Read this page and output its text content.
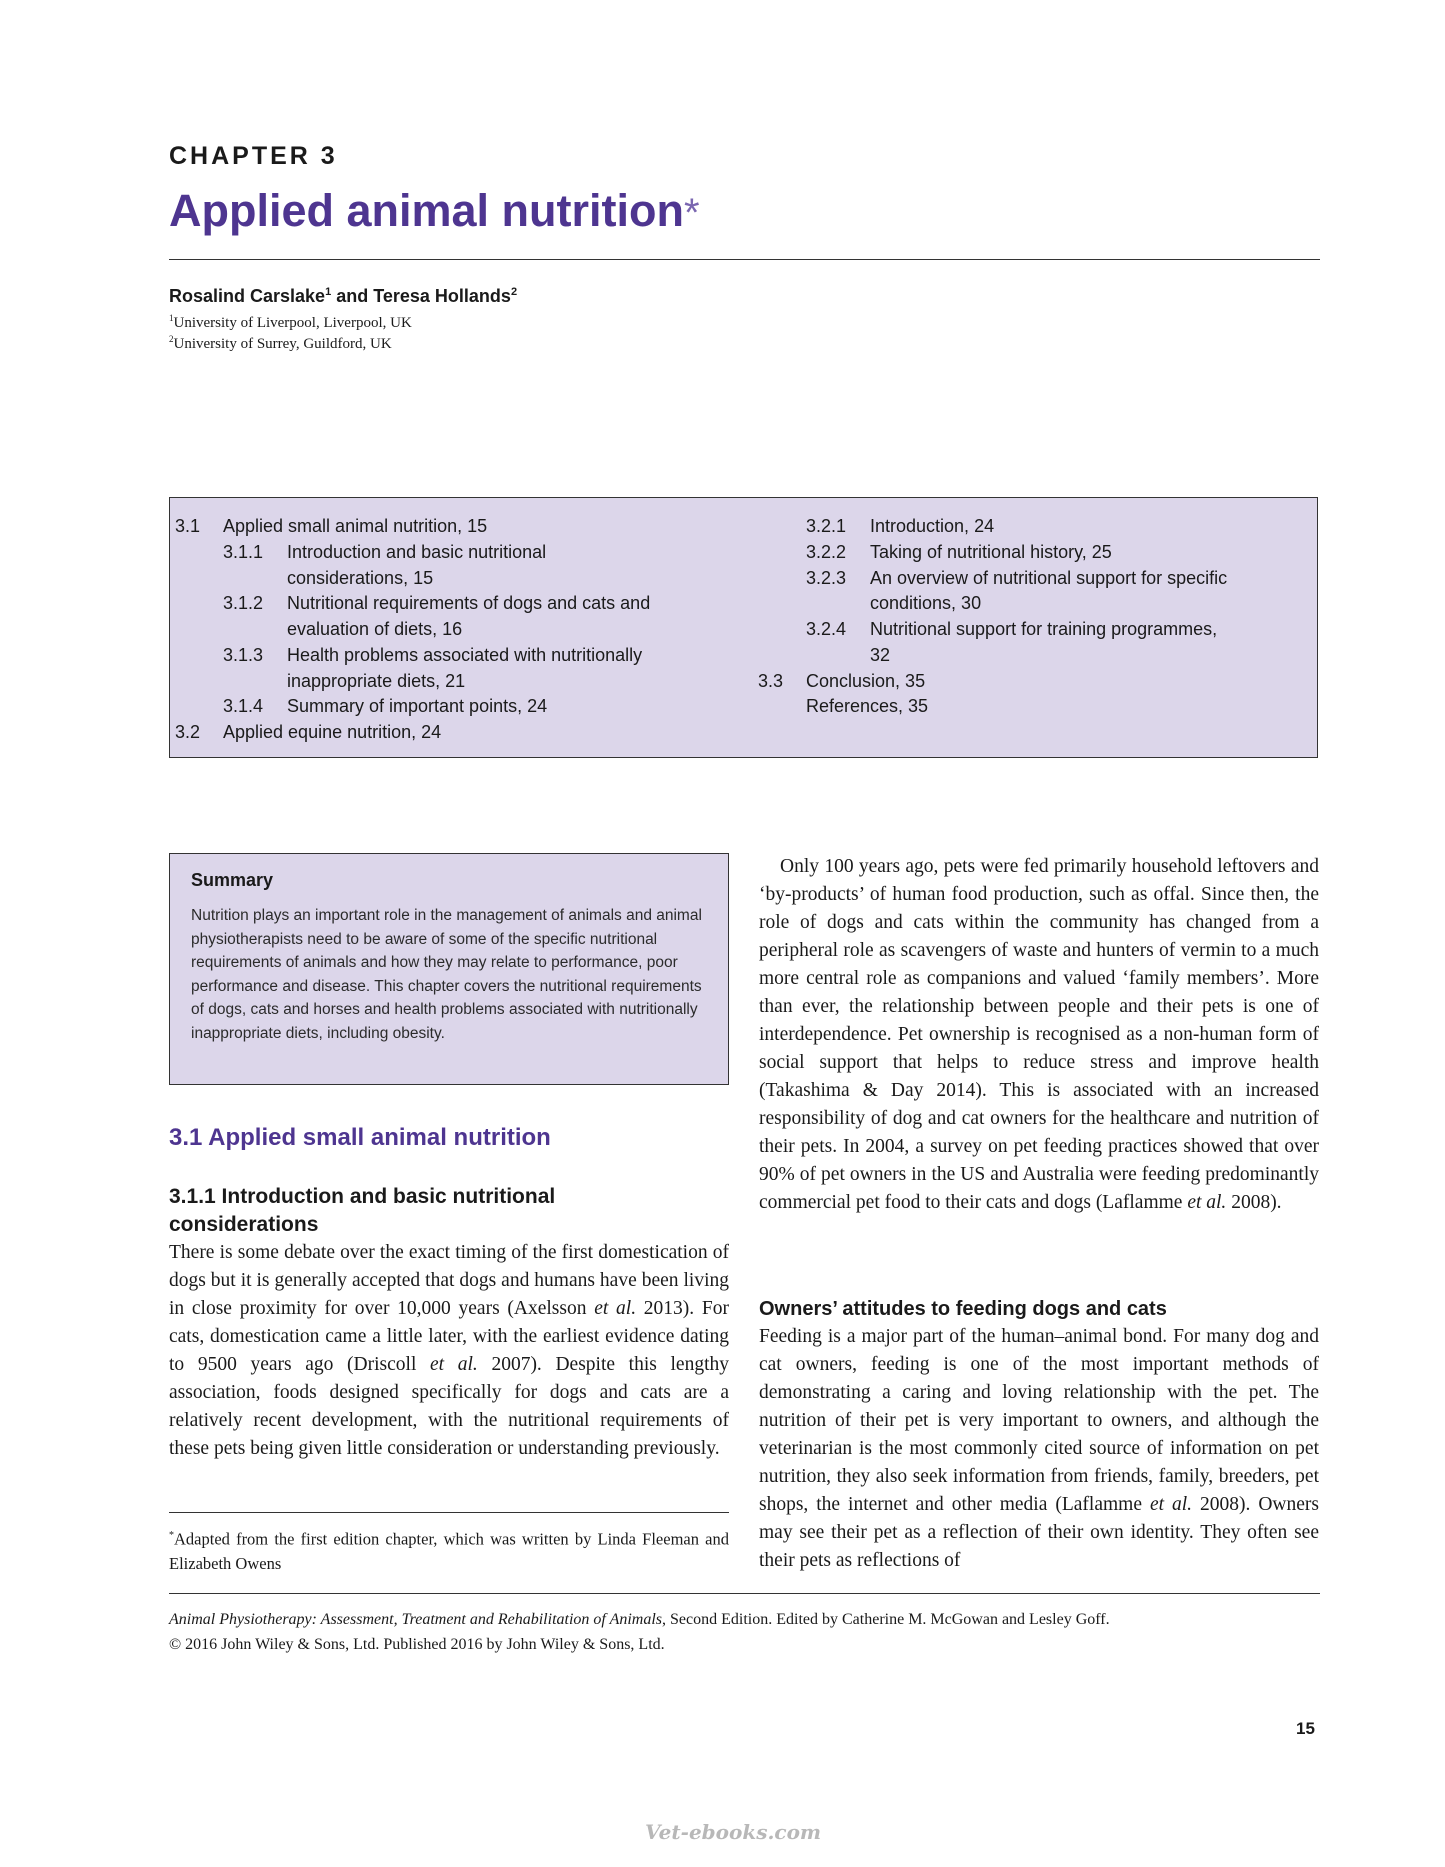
CHAPTER 3
Applied animal nutrition*
Rosalind Carslake$^1$ and Teresa Hollands$^2$
$^1$University of Liverpool, Liverpool, UK
$^2$University of Surrey, Guildford, UK
3.1 Applied small animal nutrition, 15
3.1.1 Introduction and basic nutritional
considerations, 15
3.1.2 Nutritional requirements of dogs and cats and
evaluation of diets, 16
3.1.3 Health problems associated with nutritionally
inappropriate diets, 21
3.1.4 Summary of important points, 24
3.2 Applied equine nutrition, 24
3.2.1 Introduction, 24
3.2.2 Taking of nutritional history, 25
3.2.3 An overview of nutritional support for specific
conditions, 30
3.2.4 Nutritional support for training programmes,
32
3.3 Conclusion, 35
References, 35
Summary
Nutrition plays an important role in the management of animals and animal physiotherapists need to be aware of some of the specific nutritional requirements of animals and how they may relate to performance, poor performance and disease. This chapter covers the nutritional requirements of dogs, cats and horses and health problems associated with nutritionally inappropriate diets, including obesity.
3.1 Applied small animal nutrition
3.1.1 Introduction and basic nutritional considerations
There is some debate over the exact timing of the first domestication of dogs but it is generally accepted that dogs and humans have been living in close proximity for over 10,000 years (Axelsson et al. 2013). For cats, domestication came a little later, with the earliest evidence dating to 9500 years ago (Driscoll et al. 2007). Despite this lengthy association, foods designed specifically for dogs and cats are a relatively recent development, with the nutritional requirements of these pets being given little consideration or understanding previously.
*Adapted from the first edition chapter, which was written by Linda Fleeman and Elizabeth Owens
Only 100 years ago, pets were fed primarily household leftovers and ‘by-products’ of human food production, such as offal. Since then, the role of dogs and cats within the community has changed from a peripheral role as scavengers of waste and hunters of vermin to a much more central role as companions and valued ‘family members’. More than ever, the relationship between people and their pets is one of interdependence. Pet ownership is recognised as a non-human form of social support that helps to reduce stress and improve health (Takashima & Day 2014). This is associated with an increased responsibility of dog and cat owners for the healthcare and nutrition of their pets. In 2004, a survey on pet feeding practices showed that over 90% of pet owners in the US and Australia were feeding predominantly commercial pet food to their cats and dogs (Laflamme et al. 2008).
Owners’ attitudes to feeding dogs and cats
Feeding is a major part of the human–animal bond. For many dog and cat owners, feeding is one of the most important methods of demonstrating a caring and loving relationship with the pet. The nutrition of their pet is very important to owners, and although the veterinarian is the most commonly cited source of information on pet nutrition, they also seek information from friends, family, breeders, pet shops, the internet and other media (Laflamme et al. 2008). Owners may see their pet as a reflection of their own identity. They often see their pets as reflections of
Animal Physiotherapy: Assessment, Treatment and Rehabilitation of Animals, Second Edition. Edited by Catherine M. McGowan and Lesley Goff.
© 2016 John Wiley & Sons, Ltd. Published 2016 by John Wiley & Sons, Ltd.
15
Vet-ebooks.com
